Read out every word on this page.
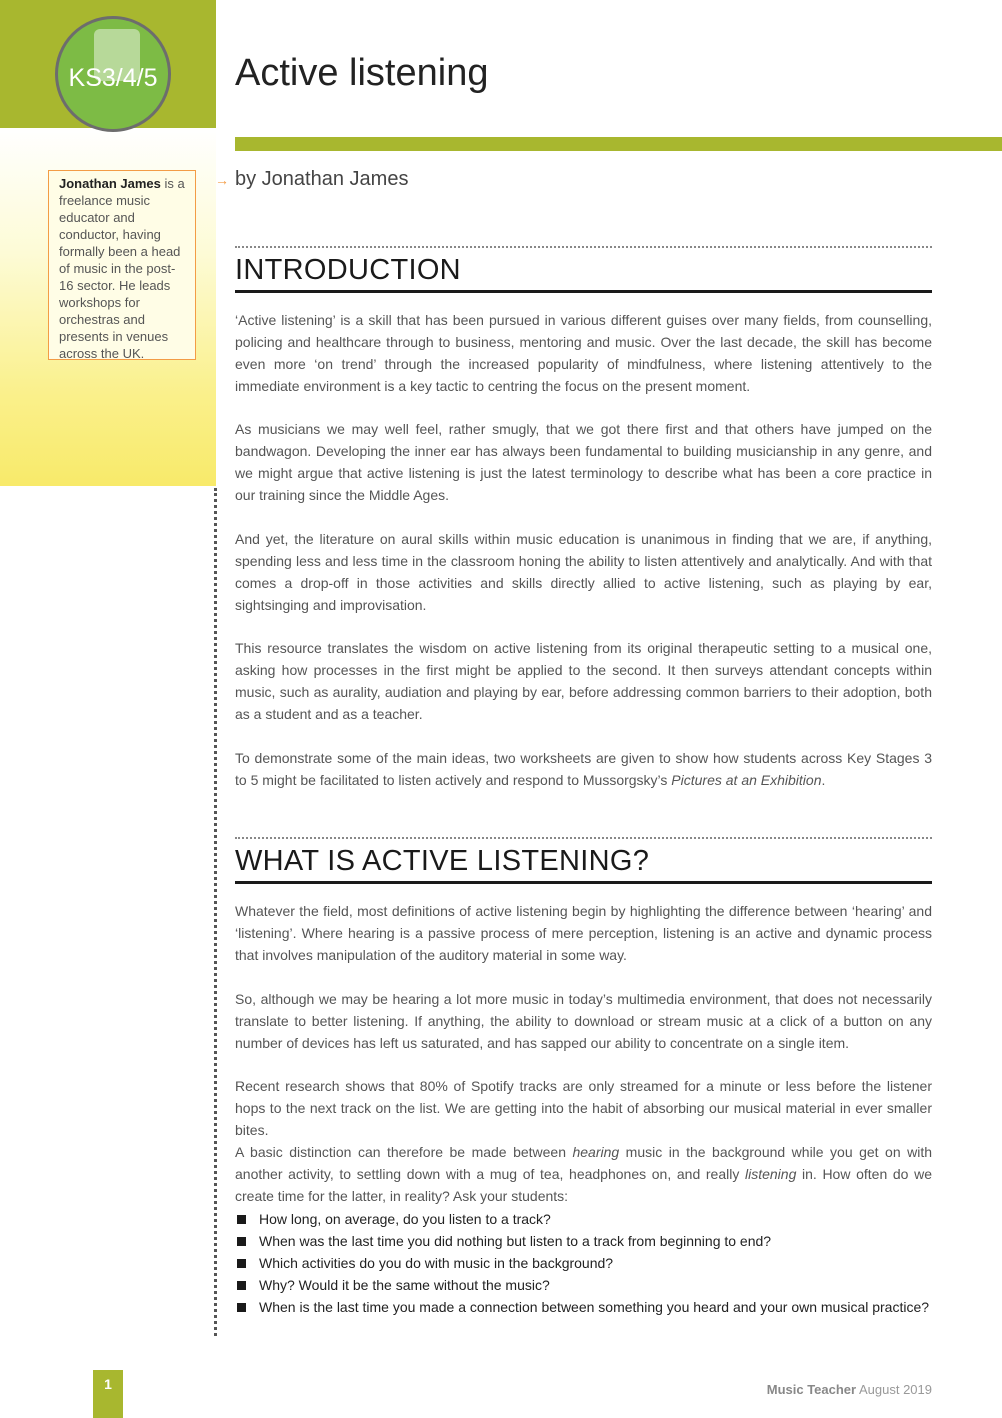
KS3/4/5 Active listening
Jonathan James is a freelance music educator and conductor, having formally been a head of music in the post-16 sector. He leads workshops for orchestras and presents in venues across the UK.
→ by Jonathan James
INTRODUCTION

‘Active listening’ is a skill that has been pursued in various different guises over many fields, from counselling, policing and healthcare through to business, mentoring and music. Over the last decade, the skill has become even more ‘on trend’ through the increased popularity of mindfulness, where listening attentively to the immediate environment is a key tactic to centring the focus on the present moment.

As musicians we may well feel, rather smugly, that we got there first and that others have jumped on the bandwagon. Developing the inner ear has always been fundamental to building musicianship in any genre, and we might argue that active listening is just the latest terminology to describe what has been a core practice in our training since the Middle Ages.

And yet, the literature on aural skills within music education is unanimous in finding that we are, if anything, spending less and less time in the classroom honing the ability to listen attentively and analytically. And with that comes a drop-off in those activities and skills directly allied to active listening, such as playing by ear, sightsinging and improvisation.

This resource translates the wisdom on active listening from its original therapeutic setting to a musical one, asking how processes in the first might be applied to the second. It then surveys attendant concepts within music, such as aurality, audiation and playing by ear, before addressing common barriers to their adoption, both as a student and as a teacher.

To demonstrate some of the main ideas, two worksheets are given to show how students across Key Stages 3 to 5 might be facilitated to listen actively and respond to Mussorgsky’s Pictures at an Exhibition.

WHAT IS ACTIVE LISTENING?

Whatever the field, most definitions of active listening begin by highlighting the difference between ‘hearing’ and ‘listening’. Where hearing is a passive process of mere perception, listening is an active and dynamic process that involves manipulation of the auditory material in some way.

So, although we may be hearing a lot more music in today’s multimedia environment, that does not necessarily translate to better listening. If anything, the ability to download or stream music at a click of a button on any number of devices has left us saturated, and has sapped our ability to concentrate on a single item.

Recent research shows that 80% of Spotify tracks are only streamed for a minute or less before the listener hops to the next track on the list. We are getting into the habit of absorbing our musical material in ever smaller bites.

A basic distinction can therefore be made between hearing music in the background while you get on with another activity, to settling down with a mug of tea, headphones on, and really listening in. How often do we create time for the latter, in reality? Ask your students:

How long, on average, do you listen to a track?
When was the last time you did nothing but listen to a track from beginning to end?
Which activities do you do with music in the background?
Why? Would it be the same without the music?
When is the last time you made a connection between something you heard and your own musical practice?
1	Music Teacher August 2019
